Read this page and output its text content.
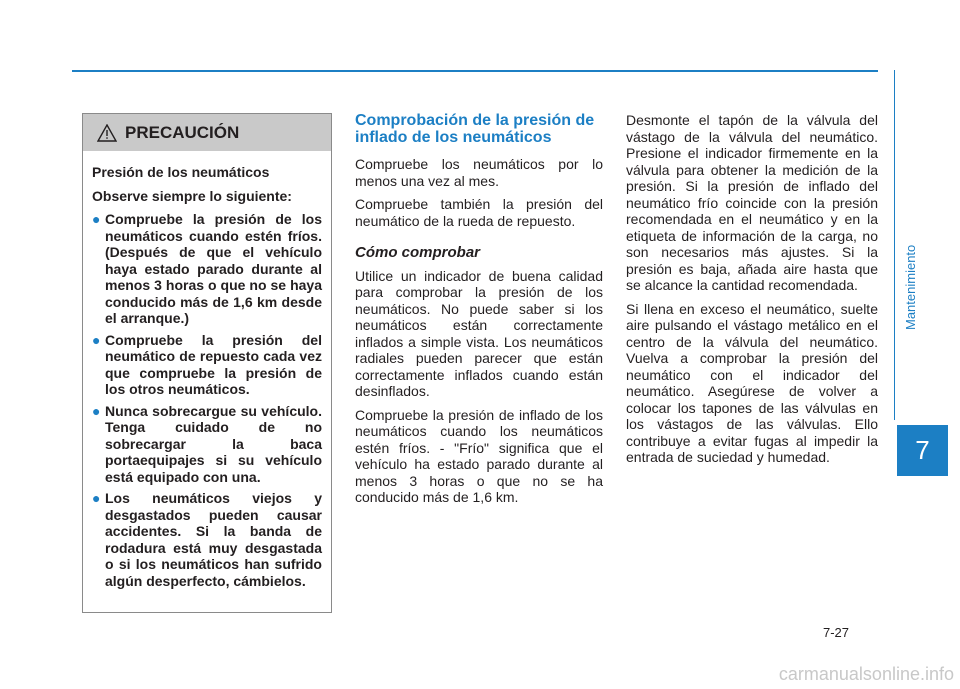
Mantenimiento
7
PRECAUCIÓN

Presión de los neumáticos

Observe siempre lo siguiente:

● Compruebe la presión de los neumáticos cuando estén fríos. (Después de que el vehículo haya estado parado durante al menos 3 horas o que no se haya conducido más de 1,6 km desde el arranque.)
● Compruebe la presión del neumático de repuesto cada vez que compruebe la presión de los otros neumáticos.
● Nunca sobrecargue su vehículo. Tenga cuidado de no sobrecargar la baca portaequipajes si su vehículo está equipado con una.
● Los neumáticos viejos y desgastados pueden causar accidentes. Si la banda de rodadura está muy desgastada o si los neumáticos han sufrido algún desperfecto, cámbielos.
Comprobación de la presión de inflado de los neumáticos

Compruebe los neumáticos por lo menos una vez al mes.

Compruebe también la presión del neumático de la rueda de repuesto.

Cómo comprobar

Utilice un indicador de buena calidad para comprobar la presión de los neumáticos. No puede saber si los neumáticos están correctamente inflados a simple vista. Los neumáticos radiales pueden parecer que están correctamente inflados cuando están desinflados.

Compruebe la presión de inflado de los neumáticos cuando los neumáticos estén fríos. - "Frío" significa que el vehículo ha estado parado durante al menos 3 horas o que no se ha conducido más de 1,6 km.

Desmonte el tapón de la válvula del vástago de la válvula del neumático. Presione el indicador firmemente en la válvula para obtener la medición de la presión. Si la presión de inflado del neumático frío coincide con la presión recomendada en el neumático y en la etiqueta de información de la carga, no son necesarios más ajustes. Si la presión es baja, añada aire hasta que se alcance la cantidad recomendada.

Si llena en exceso el neumático, suelte aire pulsando el vástago metálico en el centro de la válvula del neumático. Vuelva a comprobar la presión del neumático con el indicador del neumático. Asegúrese de volver a colocar los tapones de las válvulas en los vástagos de las válvulas. Ello contribuye a evitar fugas al impedir la entrada de suciedad y humedad.

7-27
carmanualsonline.info
